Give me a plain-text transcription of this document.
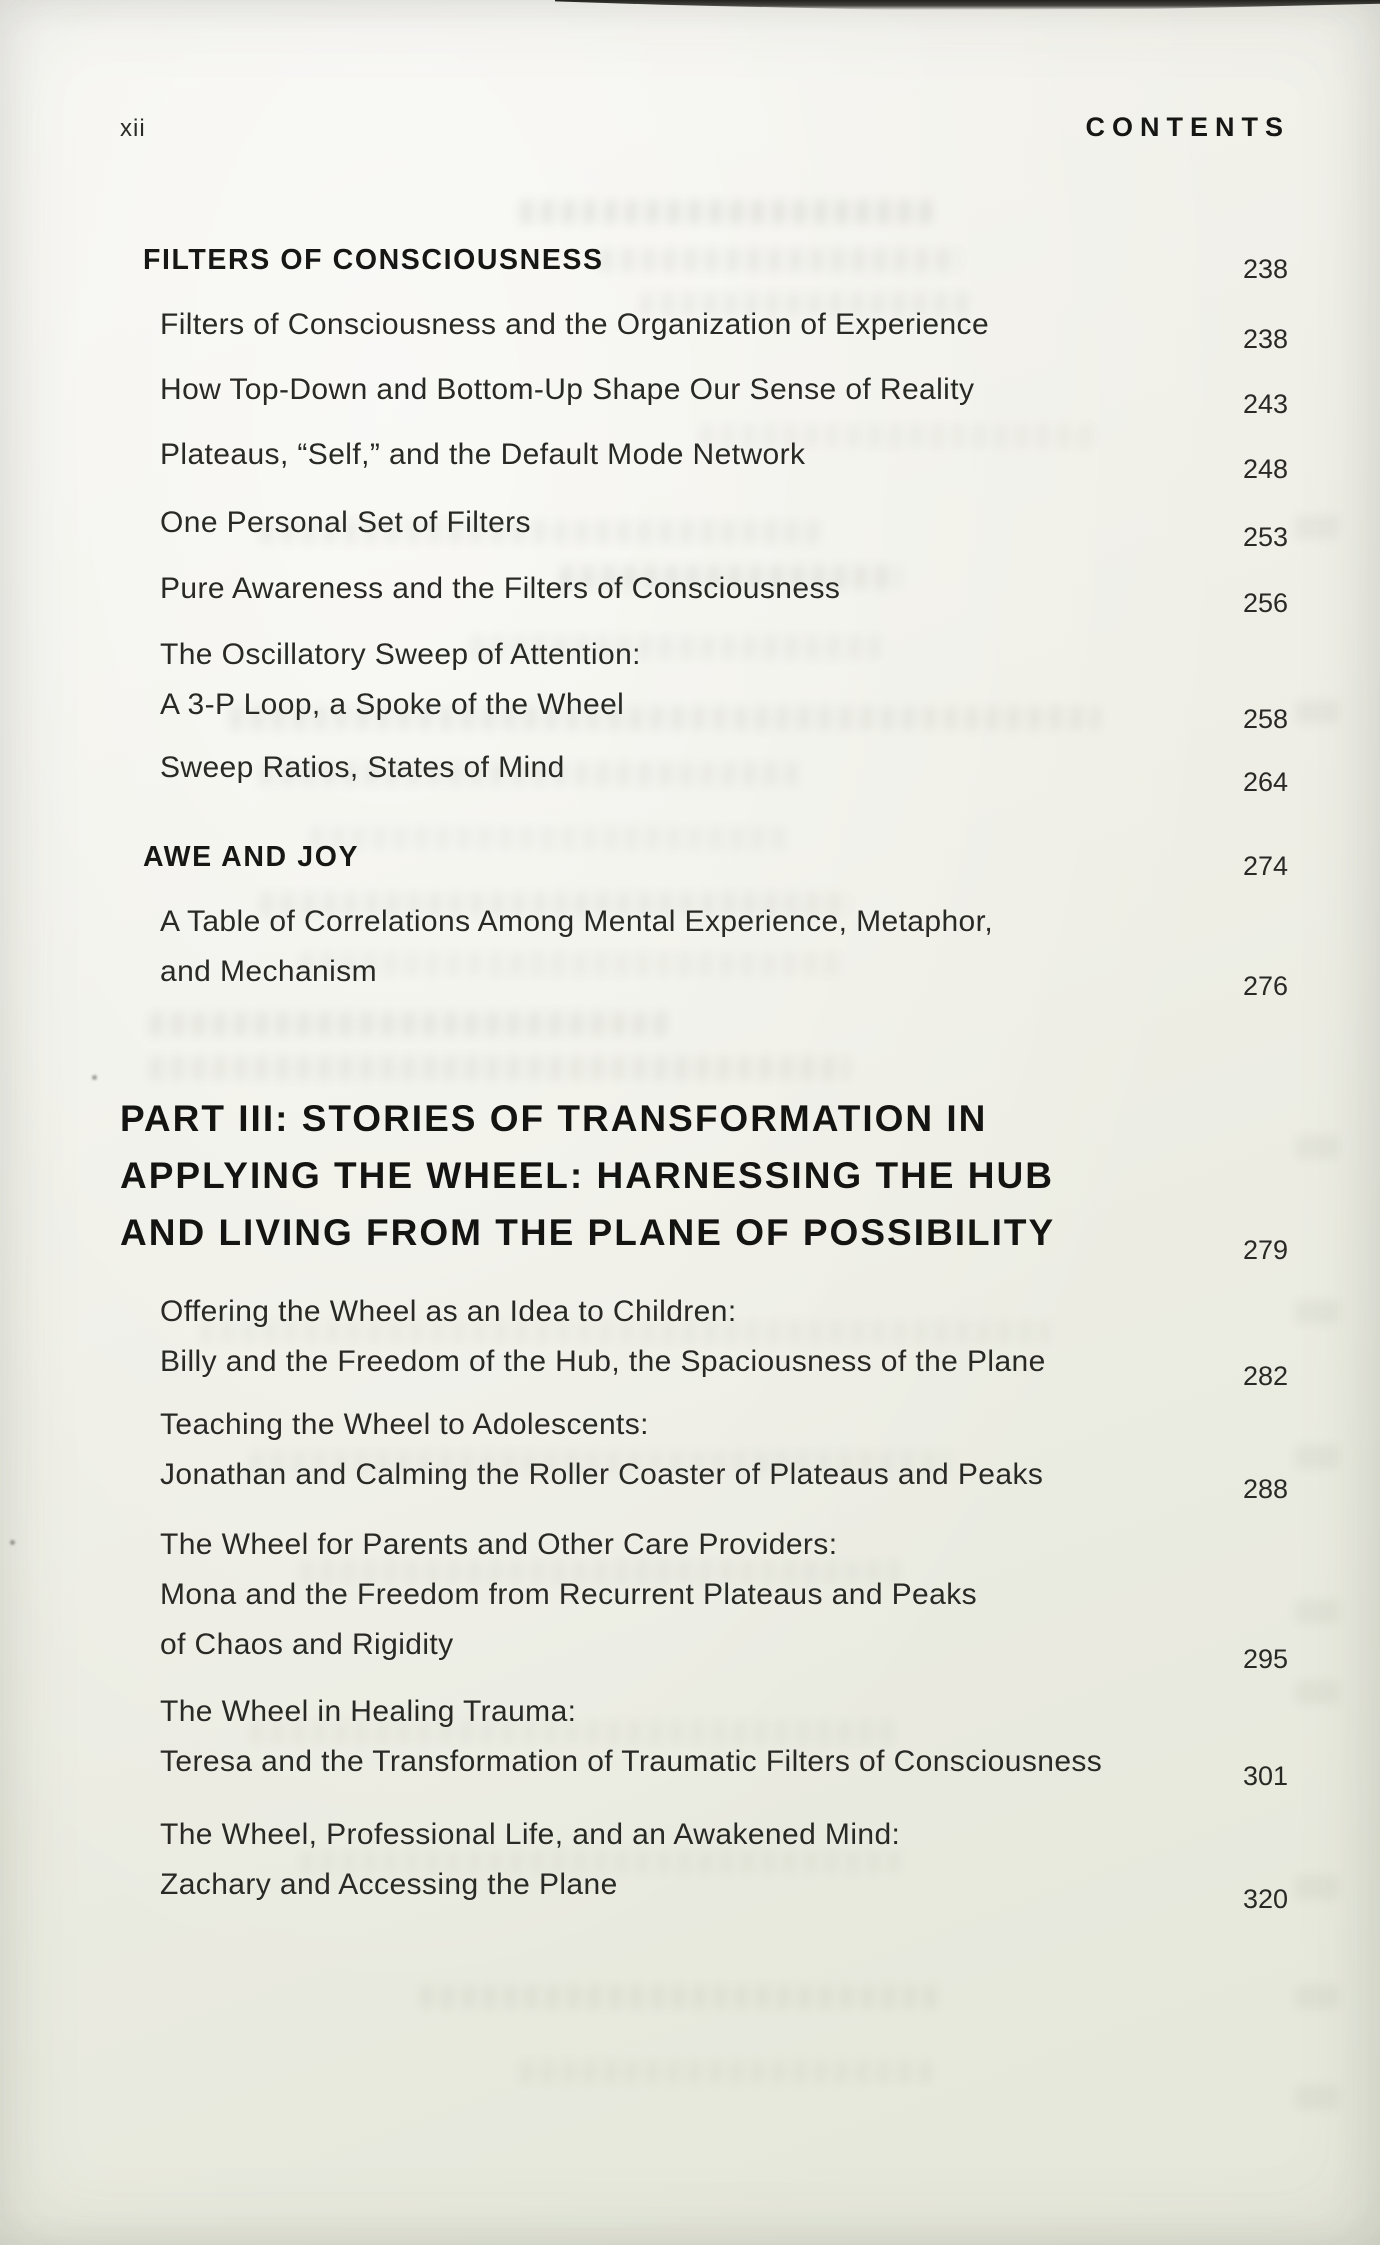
xii	CONTENTS
FILTERS OF CONSCIOUSNESS	238
Filters of Consciousness and the Organization of Experience	238
How Top-Down and Bottom-Up Shape Our Sense of Reality	243
Plateaus, “Self,” and the Default Mode Network	248
One Personal Set of Filters	253
Pure Awareness and the Filters of Consciousness	256
The Oscillatory Sweep of Attention:
A 3-P Loop, a Spoke of the Wheel	258
Sweep Ratios, States of Mind	264
AWE AND JOY	274
A Table of Correlations Among Mental Experience, Metaphor,
and Mechanism	276
PART III: STORIES OF TRANSFORMATION IN
APPLYING THE WHEEL: HARNESSING THE HUB
AND LIVING FROM THE PLANE OF POSSIBILITY	279
Offering the Wheel as an Idea to Children:
Billy and the Freedom of the Hub, the Spaciousness of the Plane	282
Teaching the Wheel to Adolescents:
Jonathan and Calming the Roller Coaster of Plateaus and Peaks	288
The Wheel for Parents and Other Care Providers:
Mona and the Freedom from Recurrent Plateaus and Peaks
of Chaos and Rigidity	295
The Wheel in Healing Trauma:
Teresa and the Transformation of Traumatic Filters of Consciousness	301
The Wheel, Professional Life, and an Awakened Mind:
Zachary and Accessing the Plane	320
